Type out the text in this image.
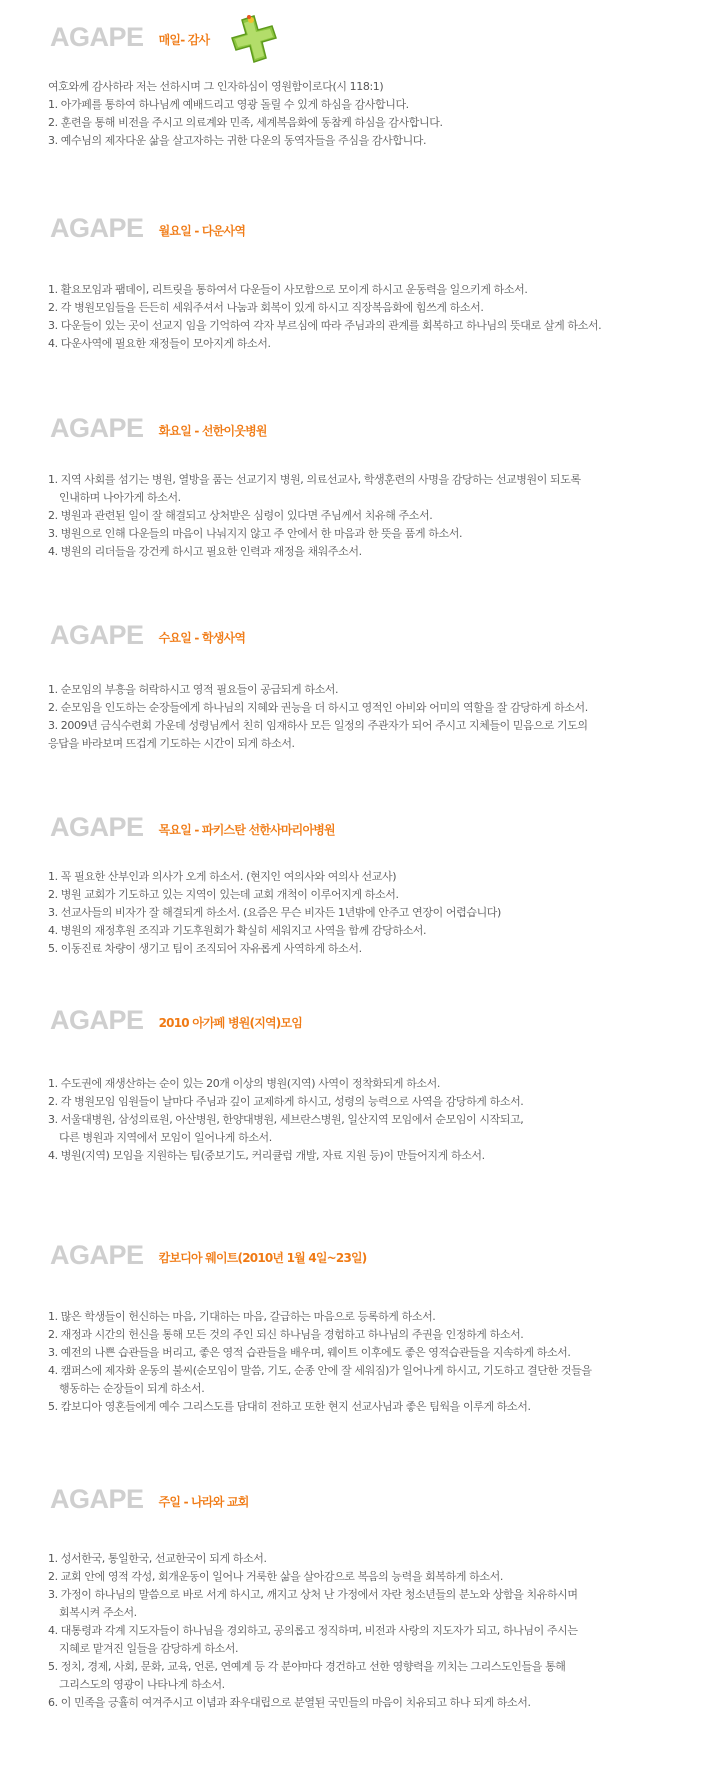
AGAPE 매일- 감사
여호와께 감사하라 저는 선하시며 그 인자하심이 영원함이로다(시 118:1)
1. 아가페를 통하여 하나님께 예배드리고 영광 돌릴 수 있게 하심을 감사합니다.
2. 훈련을 통해 비전을 주시고 의료계와 민족, 세계복음화에 동참케 하심을 감사합니다.
3. 예수님의 제자다운 삶을 살고자하는 귀한 다운의 동역자들을 주심을 감사합니다.
AGAPE 월요일 - 다운사역
1. 활요모임과 팸데이, 리트릿을 통하여서 다운들이 사모함으로 모이게 하시고 운동력을 일으키게 하소서.
2. 각 병원모임들을 든든히 세워주셔서 나눔과 회복이 있게 하시고 직장복음화에 힘쓰게 하소서.
3. 다운들이 있는 곳이 선교지 임을 기억하여 각자 부르심에 따라 주님과의 관계를 회복하고 하나님의 뜻대로 살게 하소서.
4. 다운사역에 필요한 재정들이 모아지게 하소서.
AGAPE 화요일 - 선한이웃병원
1. 지역 사회를 섬기는 병원, 열방을 품는 선교기지 병원, 의료선교사, 학생훈련의 사명을 감당하는 선교병원이 되도록
인내하며 나아가게 하소서.
2. 병원과 관련된 일이 잘 해결되고 상처받은 심령이 있다면 주님께서 치유해 주소서.
3. 병원으로 인해 다운들의 마음이 나눠지지 않고 주 안에서 한 마음과 한 뜻을 품게 하소서.
4. 병원의 리더들을 강건케 하시고 필요한 인력과 재정을 채워주소서.
AGAPE 수요일 - 학생사역
1. 순모임의 부흥을 허락하시고 영적 필요들이 공급되게 하소서.
2. 순모임을 인도하는 순장들에게 하나님의 지혜와 권능을 더 하시고 영적인 아비와 어미의 역할을 잘 감당하게 하소서.
3. 2009년 금식수련회 가운데 성령님께서 친히 임재하사 모든 일정의 주관자가 되어 주시고 지체들이 믿음으로 기도의
응답을 바라보며 뜨겁게 기도하는 시간이 되게 하소서.
AGAPE 목요일 - 파키스탄 선한사마리아병원
1. 꼭 필요한 산부인과 의사가 오게 하소서. (현지인 여의사와 여의사 선교사)
2. 병원 교회가 기도하고 있는 지역이 있는데 교회 개척이 이루어지게 하소서.
3. 선교사들의 비자가 잘 해결되게 하소서. (요즘은 무슨 비자든 1년밖에 안주고 연장이 어렵습니다)
4. 병원의 재정후원 조직과 기도후원회가 확실히 세워지고 사역을 함께 감당하소서.
5. 이동진료 차량이 생기고 팀이 조직되어 자유롭게 사역하게 하소서.
AGAPE 2010 아가페 병원(지역)모임
1. 수도권에 재생산하는 순이 있는 20개 이상의 병원(지역) 사역이 정착화되게 하소서.
2. 각 병원모임 임원들이 날마다 주님과 깊이 교제하게 하시고, 성령의 능력으로 사역을 감당하게 하소서.
3. 서울대병원, 삼성의료원, 아산병원, 한양대병원, 세브란스병원, 일산지역 모임에서 순모임이 시작되고,
다른 병원과 지역에서 모임이 일어나게 하소서.
4. 병원(지역) 모임을 지원하는 팀(중보기도, 커리큘럼 개발, 자료 지원 등)이 만들어지게 하소서.
AGAPE 캄보디아 웨이트(2010년 1월 4일~23일)
1. 많은 학생들이 헌신하는 마음, 기대하는 마음, 갈급하는 마음으로 등록하게 하소서.
2. 재정과 시간의 헌신을 통해 모든 것의 주인 되신 하나님을 경험하고 하나님의 주권을 인정하게 하소서.
3. 예전의 나쁜 습관들을 버리고, 좋은 영적 습관들을 배우며, 웨이트 이후에도 좋은 영적습관들을 지속하게 하소서.
4. 캠퍼스에 제자화 운동의 불씨(순모임이 말씀, 기도, 순종 안에 잘 세워짐)가 일어나게 하시고, 기도하고 결단한 것들을
행동하는 순장들이 되게 하소서.
5. 캄보디아 영혼들에게 예수 그리스도를 담대히 전하고 또한 현지 선교사님과 좋은 팀웍을 이루게 하소서.
AGAPE 주일 - 나라와 교회
1. 성서한국, 통일한국, 선교한국이 되게 하소서.
2. 교회 안에 영적 각성, 회개운동이 일어나 거룩한 삶을 살아감으로 복음의 능력을 회복하게 하소서.
3. 가정이 하나님의 말씀으로 바로 서게 하시고, 깨지고 상처 난 가정에서 자란 청소년들의 분노와 상함을 치유하시며
회복시켜 주소서.
4. 대통령과 각계 지도자들이 하나님을 경외하고, 공의롭고 정직하며, 비전과 사랑의 지도자가 되고, 하나님이 주시는
지혜로 맡겨진 일들을 감당하게 하소서.
5. 정치, 경제, 사회, 문화, 교육, 언론, 연예계 등 각 분야마다 경건하고 선한 영향력을 끼치는 그리스도인들을 통해
그리스도의 영광이 나타나게 하소서.
6. 이 민족을 긍휼히 여겨주시고 이념과 좌우대립으로 분열된 국민들의 마음이 치유되고 하나 되게 하소서.
